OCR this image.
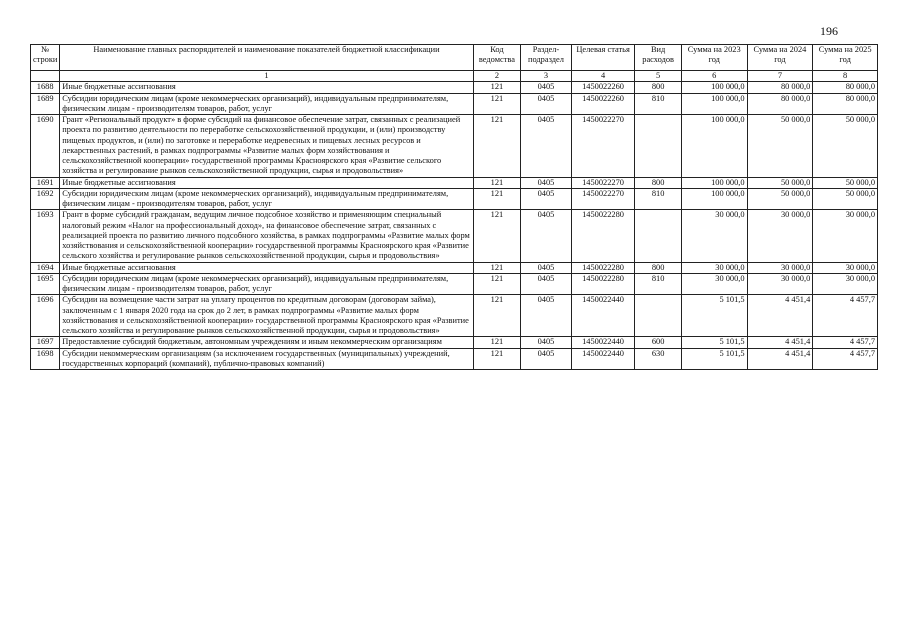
196
№ строки	Наименование главных распорядителей и наименование показателей бюджетной классификации	Код ведомства	Раздел-подраздел	Целевая статья	Вид расходов	Сумма на 2023 год	Сумма на 2024 год	Сумма на 2025 год
	1	2	3	4	5	6	7	8
1688	Иные бюджетные ассигнования	121	0405	1450022260	800	100 000,0	80 000,0	80 000,0
1689	Субсидии юридическим лицам (кроме некоммерческих организаций), индивидуальным предпринимателям, физическим лицам - производителям товаров, работ, услуг	121	0405	1450022260	810	100 000,0	80 000,0	80 000,0
1690	Грант «Региональный продукт» в форме субсидий на финансовое обеспечение затрат, связанных с реализацией проекта по развитию деятельности по переработке сельскохозяйственной продукции, и (или) производству пищевых продуктов, и (или) по заготовке и переработке недревесных и пищевых лесных ресурсов и лекарственных растений, в рамках подпрограммы «Развитие малых форм хозяйствования и сельскохозяйственной кооперации» государственной программы Красноярского края «Развитие сельского хозяйства и регулирование рынков сельскохозяйственной продукции, сырья и продовольствия»	121	0405	1450022270		100 000,0	50 000,0	50 000,0
1691	Иные бюджетные ассигнования	121	0405	1450022270	800	100 000,0	50 000,0	50 000,0
1692	Субсидии юридическим лицам (кроме некоммерческих организаций), индивидуальным предпринимателям, физическим лицам - производителям товаров, работ, услуг	121	0405	1450022270	810	100 000,0	50 000,0	50 000,0
1693	Грант в форме субсидий гражданам, ведущим личное подсобное хозяйство и применяющим специальный налоговый режим «Налог на профессиональный доход», на финансовое обеспечение затрат, связанных с реализацией проекта по развитию личного подсобного хозяйства, в рамках подпрограммы «Развитие малых форм хозяйствования и сельскохозяйственной кооперации» государственной программы Красноярского края «Развитие сельского хозяйства и регулирование рынков сельскохозяйственной продукции, сырья и продовольствия»	121	0405	1450022280		30 000,0	30 000,0	30 000,0
1694	Иные бюджетные ассигнования	121	0405	1450022280	800	30 000,0	30 000,0	30 000,0
1695	Субсидии юридическим лицам (кроме некоммерческих организаций), индивидуальным предпринимателям, физическим лицам - производителям товаров, работ, услуг	121	0405	1450022280	810	30 000,0	30 000,0	30 000,0
1696	Субсидии на возмещение части затрат на уплату процентов по кредитным договорам (договорам займа), заключенным с 1 января 2020 года на срок до 2 лет, в рамках подпрограммы «Развитие малых форм хозяйствования и сельскохозяйственной кооперации» государственной программы Красноярского края «Развитие сельского хозяйства и регулирование рынков сельскохозяйственной продукции, сырья и продовольствия»	121	0405	1450022440		5 101,5	4 451,4	4 457,7
1697	Предоставление субсидий бюджетным, автономным учреждениям и иным некоммерческим организациям	121	0405	1450022440	600	5 101,5	4 451,4	4 457,7
1698	Субсидии некоммерческим организациям (за исключением государственных (муниципальных) учреждений, государственных корпораций (компаний), публично-правовых компаний)	121	0405	1450022440	630	5 101,5	4 451,4	4 457,7
